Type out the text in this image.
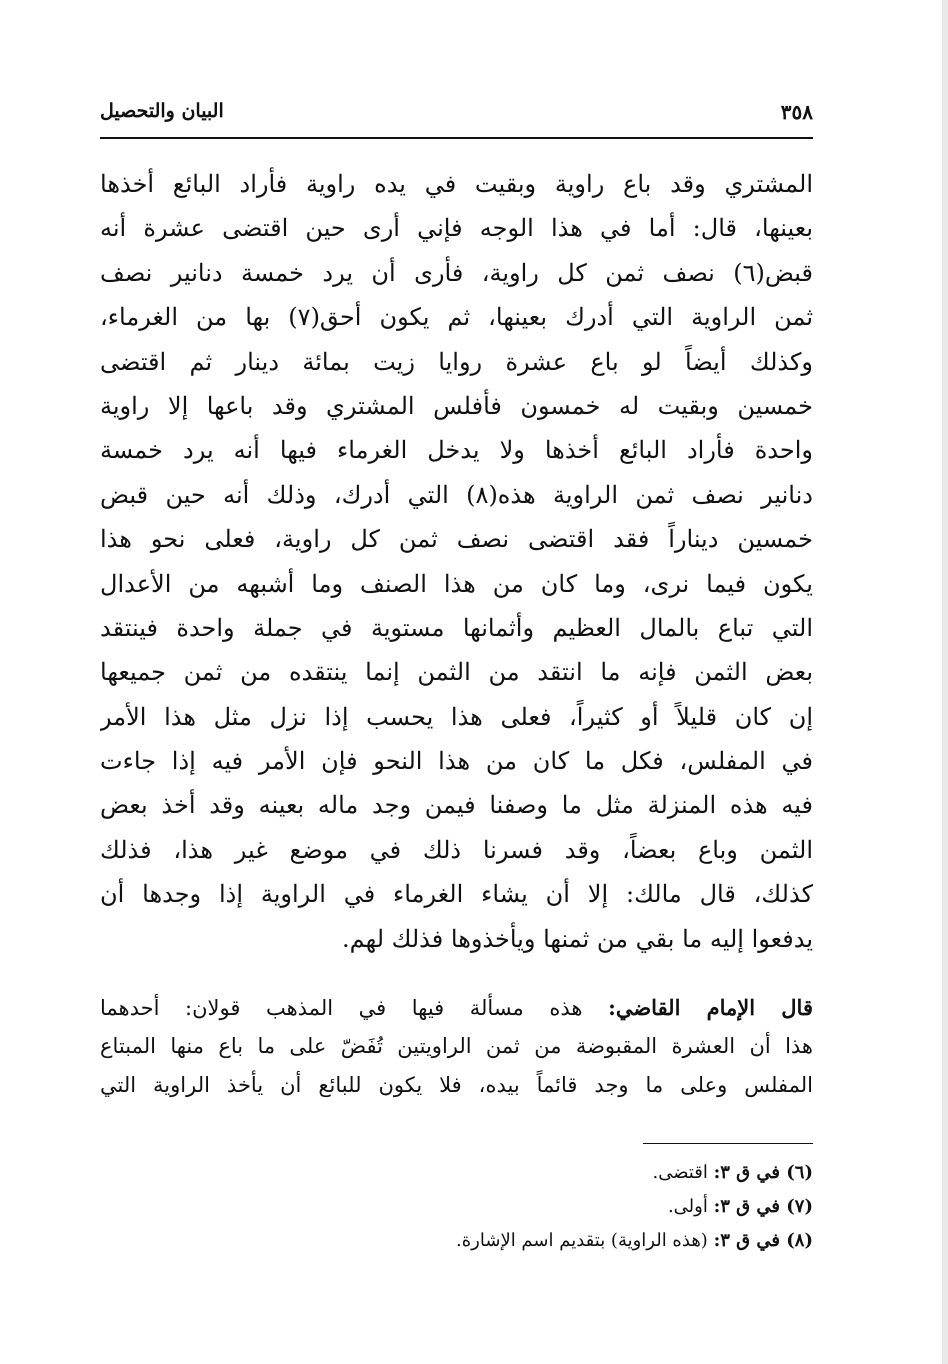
٣٥٨
البيان والتحصيل
المشتري وقد باع راوية وبقيت في يده راوية فأراد البائع أخذها
بعينها، قال: أما في هذا الوجه فإني أرى حين اقتضى عشرة أنه
قبض(٦) نصف ثمن كل راوية، فأرى أن يرد خمسة دنانير نصف
ثمن الراوية التي أدرك بعينها، ثم يكون أحق(٧) بها من الغرماء،
وكذلك أيضاً لو باع عشرة روايا زيت بمائة دينار ثم اقتضى
خمسين وبقيت له خمسون فأفلس المشتري وقد باعها إلا راوية
واحدة فأراد البائع أخذها ولا يدخل الغرماء فيها أنه يرد خمسة
دنانير نصف ثمن الراوية هذه(٨) التي أدرك، وذلك أنه حين قبض
خمسين ديناراً فقد اقتضى نصف ثمن كل راوية، فعلى نحو هذا
يكون فيما نرى، وما كان من هذا الصنف وما أشبهه من الأعدال
التي تباع بالمال العظيم وأثمانها مستوية في جملة واحدة فينتقد
بعض الثمن فإنه ما انتقد من الثمن إنما ينتقده من ثمن جميعها
إن كان قليلاً أو كثيراً، فعلى هذا يحسب إذا نزل مثل هذا الأمر
في المفلس، فكل ما كان من هذا النحو فإن الأمر فيه إذا جاءت
فيه هذه المنزلة مثل ما وصفنا فيمن وجد ماله بعينه وقد أخذ بعض
الثمن وباع بعضاً، وقد فسرنا ذلك في موضع غير هذا، فذلك
كذلك، قال مالك: إلا أن يشاء الغرماء في الراوية إذا وجدها أن
يدفعوا إليه ما بقي من ثمنها ويأخذوها فذلك لهم.
قال الإمام القاضي: هذه مسألة فيها في المذهب قولان: أحدهما
هذا أن العشرة المقبوضة من ثمن الراويتين تُفَضّ على ما باع منها المبتاع
المفلس وعلى ما وجد قائماً بيده، فلا يكون للبائع أن يأخذ الراوية التي
(٦) في ق ٣: اقتضى.
(٧) في ق ٣: أولى.
(٨) في ق ٣: (هذه الراوية) بتقديم اسم الإشارة.
